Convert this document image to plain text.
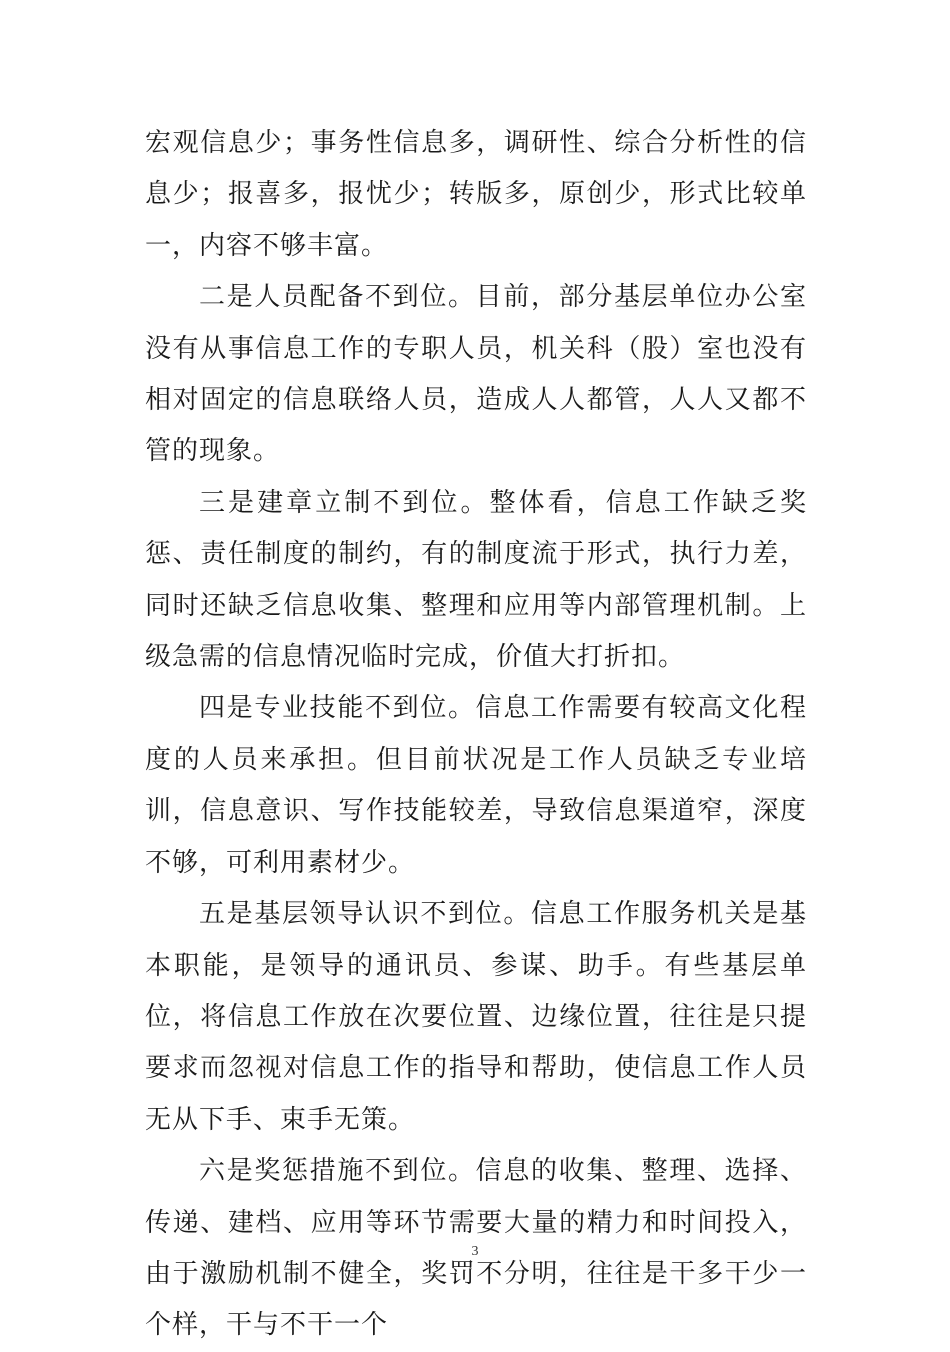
宏观信息少；事务性信息多，调研性、综合分析性的信息少；报喜多，报忧少；转版多，原创少，形式比较单一，内容不够丰富。

二是人员配备不到位。目前，部分基层单位办公室没有从事信息工作的专职人员，机关科（股）室也没有相对固定的信息联络人员，造成人人都管，人人又都不管的现象。

三是建章立制不到位。整体看，信息工作缺乏奖惩、责任制度的制约，有的制度流于形式，执行力差，同时还缺乏信息收集、整理和应用等内部管理机制。上级急需的信息情况临时完成，价值大打折扣。

四是专业技能不到位。信息工作需要有较高文化程度的人员来承担。但目前状况是工作人员缺乏专业培训，信息意识、写作技能较差，导致信息渠道窄，深度不够，可利用素材少。

五是基层领导认识不到位。信息工作服务机关是基本职能，是领导的通讯员、参谋、助手。有些基层单位，将信息工作放在次要位置、边缘位置，往往是只提要求而忽视对信息工作的指导和帮助，使信息工作人员无从下手、束手无策。

六是奖惩措施不到位。信息的收集、整理、选择、传递、建档、应用等环节需要大量的精力和时间投入，由于激励机制不健全，奖罚不分明，往往是干多干少一个样，干与不干一个

3
